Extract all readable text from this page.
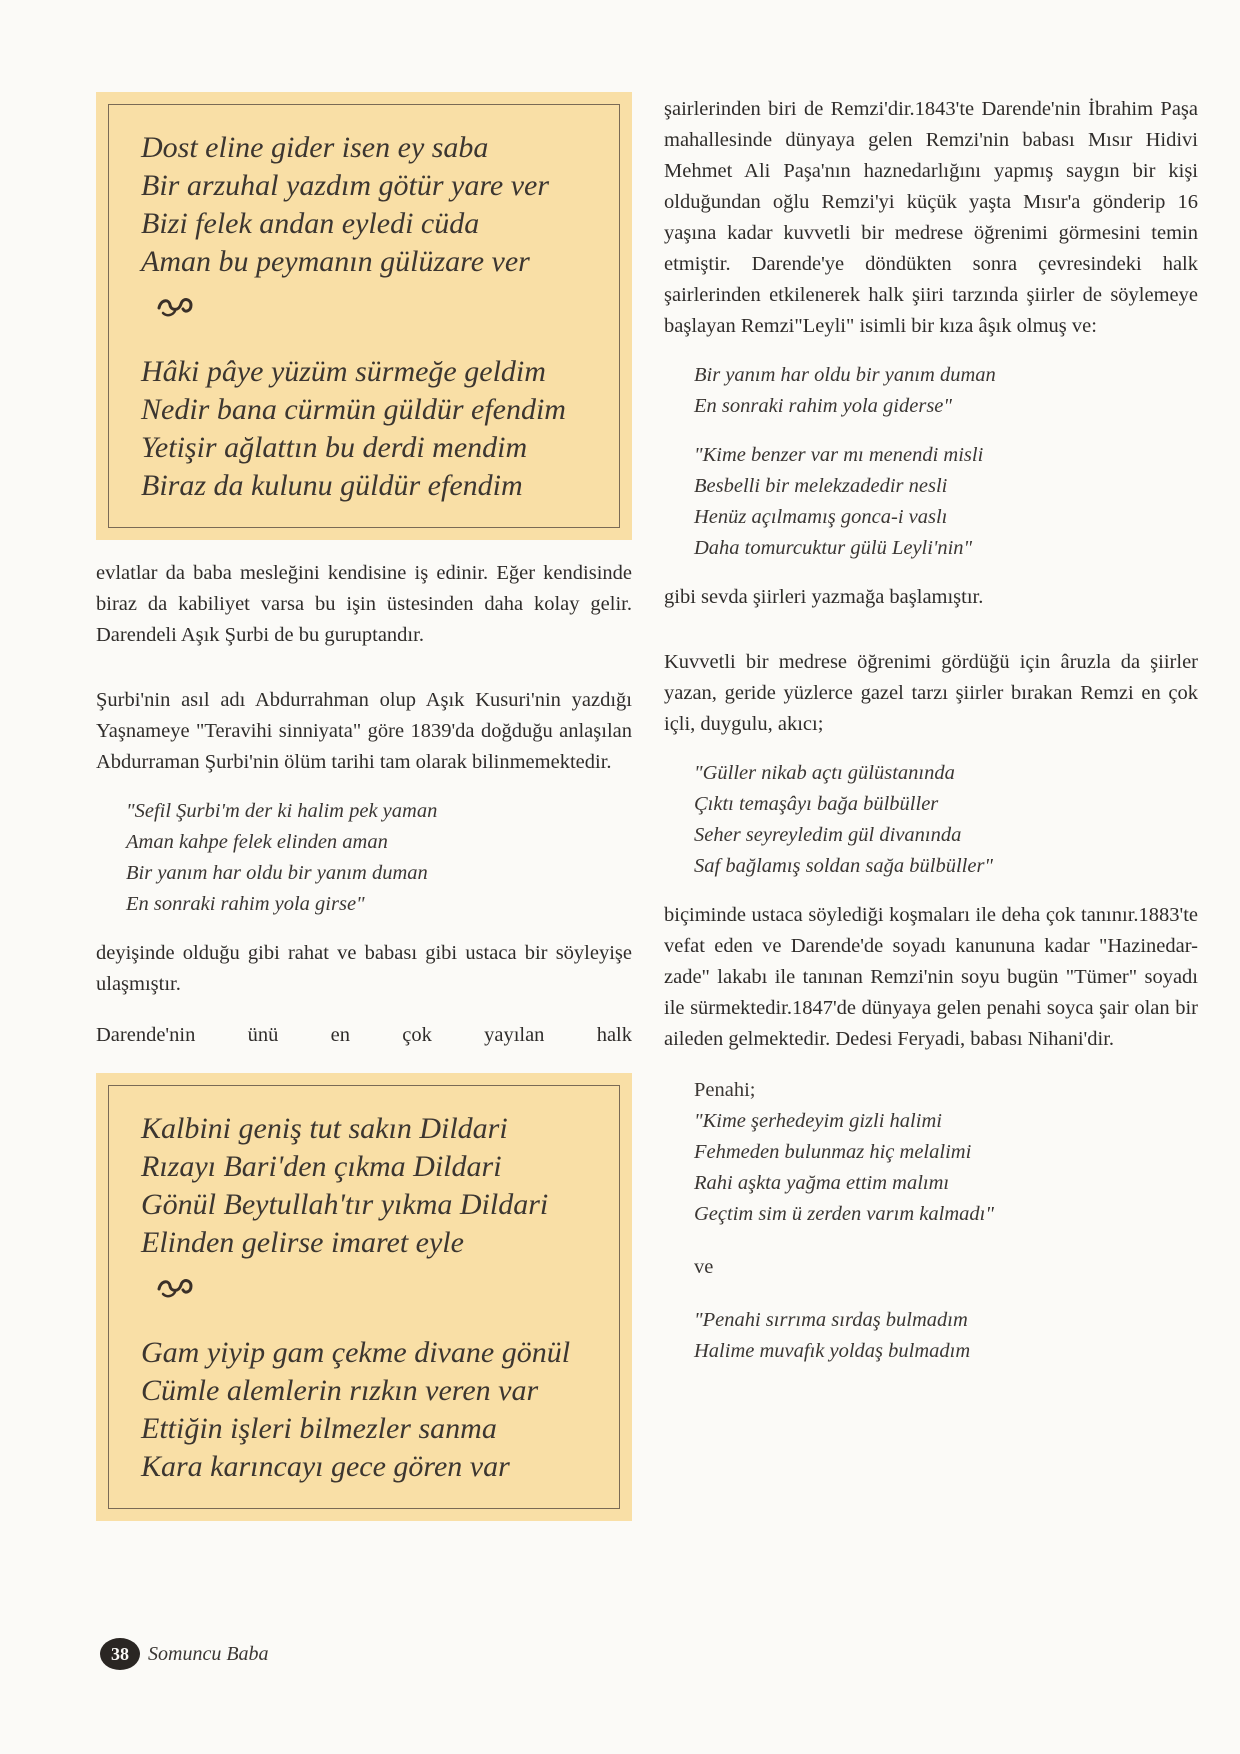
Dost eline gider isen ey saba
Bir arzuhal yazdım götür yare ver
Bizi felek andan eyledi cüda
Aman bu peymanın gülüzare ver
Hâki pâye yüzüm sürmeğe geldim
Nedir bana cürmün güldür efendim
Yetişir ağlattın bu derdi mendim
Biraz da kulunu güldür efendim

evlatlar da baba mesleğini kendisine iş edinir. Eğer kendisinde biraz da kabiliyet varsa bu işin üstesinden daha kolay gelir. Darendeli Aşık Şurbi de bu guruptandır.

Şurbi'nin asıl adı Abdurrahman olup Aşık Kusuri'nin yazdığı Yaşnameye "Teravihi sinniyata" göre 1839'da doğduğu anlaşılan Abdurraman Şurbi'nin ölüm tarihi tam olarak bilinmemektedir.

"Sefil Şurbi'm der ki halim pek yaman
Aman kahpe felek elinden aman
Bir yanım har oldu bir yanım duman
En sonraki rahim yola girse"

deyişinde olduğu gibi rahat ve babası gibi ustaca bir söyleyişe ulaşmıştır.

Darende'nin ünü en çok yayılan halk

Kalbini geniş tut sakın Dildari
Rızayı Bari'den çıkma Dildari
Gönül Beytullah'tır yıkma Dildari
Elinden gelirse imaret eyle
Gam yiyip gam çekme divane gönül
Cümle alemlerin rızkın veren var
Ettiğin işleri bilmezler sanma
Kara karıncayı gece gören var

şairlerinden biri de Remzi'dir.1843'te Darende'nin İbrahim Paşa mahallesinde dünyaya gelen Remzi'nin babası Mısır Hidivi Mehmet Ali Paşa'nın haznedarlığını yapmış saygın bir kişi olduğundan oğlu Remzi'yi küçük yaşta Mısır'a gönderip 16 yaşına kadar kuvvetli bir medrese öğrenimi görmesini temin etmiştir. Darende'ye döndükten sonra çevresindeki halk şairlerinden etkilenerek halk şiiri tarzında şiirler de söylemeye başlayan Remzi"Leyli" isimli bir kıza âşık olmuş ve:

Bir yanım har oldu bir yanım duman
En sonraki rahim yola giderse"
"Kime benzer var mı menendi misli
Besbelli bir melekzadedir nesli
Henüz açılmamış gonca-i vaslı
Daha tomurcuktur gülü Leyli'nin"

gibi sevda şiirleri yazmağa başlamıştır.

Kuvvetli bir medrese öğrenimi gördüğü için âruzla da şiirler yazan, geride yüzlerce gazel tarzı şiirler bırakan Remzi en çok içli, duygulu, akıcı;

"Güller nikab açtı gülüstanında
Çıktı temaşâyı bağa bülbüller
Seher seyreyledim gül divanında
Saf bağlamış soldan sağa bülbüller"

biçiminde ustaca söylediği koşmaları ile deha çok tanınır.1883'te vefat eden ve Darende'de soyadı kanununa kadar "Hazinedar-zade" lakabı ile tanınan Remzi'nin soyu bugün "Tümer" soyadı ile sürmektedir.1847'de dünyaya gelen penahi soyca şair olan bir aileden gelmektedir. Dedesi Feryadi, babası Nihani'dir.

Penahi;
"Kime şerhedeyim gizli halimi
Fehmeden bulunmaz hiç melalimi
Rahi aşkta yağma ettim malımı
Geçtim sim ü zerden varım kalmadı"
ve
"Penahi sırrıma sırdaş bulmadım
Halime muvafık yoldaş bulmadım
38 Somuncu Baba
